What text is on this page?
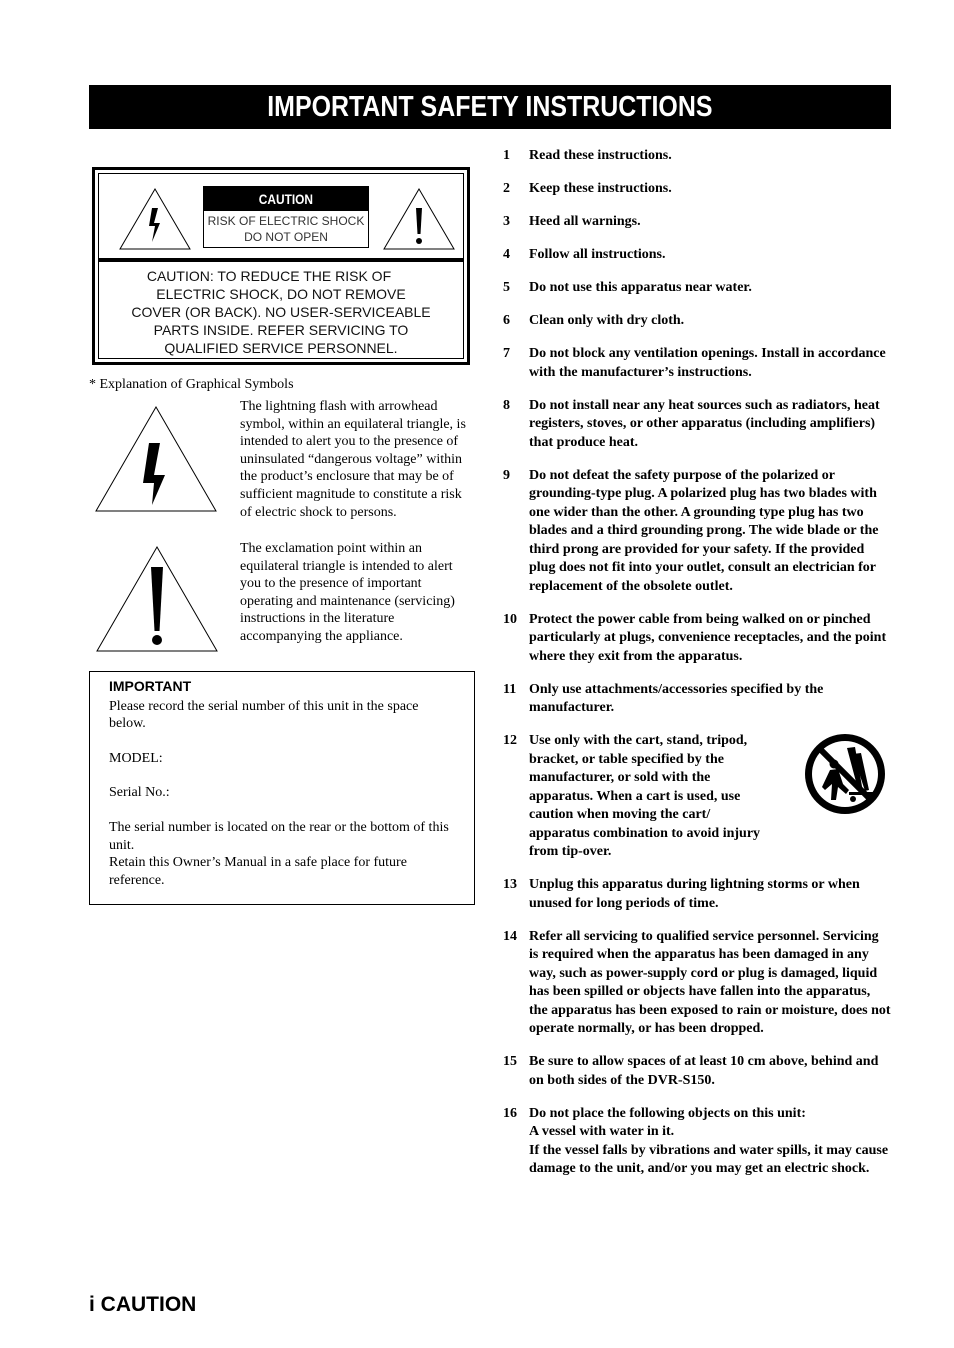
IMPORTANT SAFETY INSTRUCTIONS
CAUTION
RISK OF ELECTRIC SHOCK
DO NOT OPEN
CAUTION: TO REDUCE THE RISK OF
ELECTRIC SHOCK, DO NOT REMOVE
COVER (OR BACK). NO USER-SERVICEABLE
PARTS INSIDE. REFER SERVICING TO
QUALIFIED SERVICE PERSONNEL.
* Explanation of Graphical Symbols
The lightning flash with arrowhead symbol, within an equilateral triangle, is intended to alert you to the presence of uninsulated “dangerous voltage” within the product’s enclosure that may be of sufficient magnitude to constitute a risk of electric shock to persons.
The exclamation point within an equilateral triangle is intended to alert you to the presence of important operating and maintenance (servicing) instructions in the literature accompanying the appliance.
IMPORTANT

Please record the serial number of this unit in the space below.

MODEL:

Serial No.:

The serial number is located on the rear or the bottom of this unit.

Retain this Owner’s Manual in a safe place for future reference.

1 Read these instructions.
2 Keep these instructions.
3 Heed all warnings.
4 Follow all instructions.
5 Do not use this apparatus near water.
6 Clean only with dry cloth.
7 Do not block any ventilation openings. Install in accordance with the manufacturer’s instructions.
8 Do not install near any heat sources such as radiators, heat registers, stoves, or other apparatus (including amplifiers) that produce heat.
9 Do not defeat the safety purpose of the polarized or grounding-type plug. A polarized plug has two blades with one wider than the other. A grounding type plug has two blades and a third grounding prong. The wide blade or the third prong are provided for your safety. If the provided plug does not fit into your outlet, consult an electrician for replacement of the obsolete outlet.
10 Protect the power cable from being walked on or pinched particularly at plugs, convenience receptacles, and the point where they exit from the apparatus.
11 Only use attachments/accessories specified by the manufacturer.
12 Use only with the cart, stand, tripod, bracket, or table specified by the manufacturer, or sold with the apparatus. When a cart is used, use caution when moving the cart/ apparatus combination to avoid injury from tip-over.
13 Unplug this apparatus during lightning storms or when unused for long periods of time.
14 Refer all servicing to qualified service personnel. Servicing is required when the apparatus has been damaged in any way, such as power-supply cord or plug is damaged, liquid has been spilled or objects have fallen into the apparatus, the apparatus has been exposed to rain or moisture, does not operate normally, or has been dropped.
15 Be sure to allow spaces of at least 10 cm above, behind and on both sides of the DVR-S150.
16 Do not place the following objects on this unit:
A vessel with water in it.
If the vessel falls by vibrations and water spills, it may cause damage to the unit, and/or you may get an electric shock.
i CAUTION
